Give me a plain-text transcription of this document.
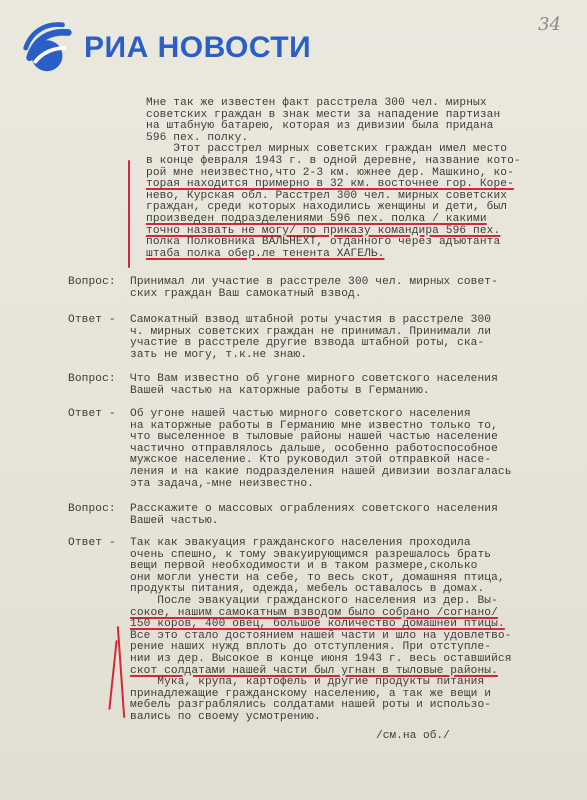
РИА НОВОСТИ
34
Мне так же известен факт расстрела 300 чел. мирных
советских граждан в знак мести за нападение партизан
на штабную батарею, которая из дивизии была придана
596 пех. полку.
Этот расстрел мирных советских граждан имел место
в конце февраля 1943 г. в одной деревне, название кото-
рой мне неизвестно,что 2-3 км. южнее дер. Машкино, ко-
торая находится примерно в 32 км. восточнее гор. Коре-
нево, Курская обл. Расстрел 300 чел. мирных советских
граждан, среди которых находились женщины и дети, был
произведен подразделениями 596 пех. полка / какими
точно назвать не могу/ по приказу командира 596 пех.
полка Полковника ВАЛЬНЕХТ, отданного через адъютанта
штаба полка обер.ле тенента ХАГЕЛЬ.
Вопрос: Принимал ли участие в расстреле 300 чел. мирных совет-
ских граждан Ваш самокатный взвод.
Ответ - Самокатный взвод штабной роты участия в расстреле 300
ч. мирных советских граждан не принимал. Принимали ли
участие в расстреле другие взвода штабной роты, ска-
зать не могу, т.к.не знаю.
Вопрос: Что Вам известно об угоне мирного советского населения
Вашей частью на каторжные работы в Германию.
Ответ - Об угоне нашей частью мирного советского населения
на каторжные работы в Германию мне известно только то,
что выселенное в тыловые районы нашей частью население
частично отправлялось дальше, особенно работоспособное
мужское население. Кто руководил этой отправкой насе-
ления и на какие подразделения нашей дивизии возлагалась
эта задача,-мне неизвестно.
Вопрос: Расскажите о массовых ограблениях советского населения
Вашей частью.
Ответ - Так как эвакуация гражданского населения проходила
очень спешно, к тому эвакуирующимся разрешалось брать
вещи первой необходимости и в таком размере,сколько
они могли унести на себе, то весь скот, домашняя птица,
продукты питания, одежда, мебель оставалось в домах.
После эвакуации гражданского населения из дер. Вы-
сокое, нашим самокатным взводом было собрано /согнано/
150 коров, 400 овец, большое количество домашней птицы.
Все это стало достоянием нашей части и шло на удовлетво-
рение наших нужд вплоть до отступления. При отступле-
нии из дер. Высокое в конце июня 1943 г. весь оставшийся
скот солдатами нашей части был угнан в тыловые районы.
Мука, крупа, картофель и другие продукты питания
принадлежащие гражданскому населению, а так же вещи и
мебель разграблялись солдатами нашей роты и использо-
вались по своему усмотрению.
/см.на об./
